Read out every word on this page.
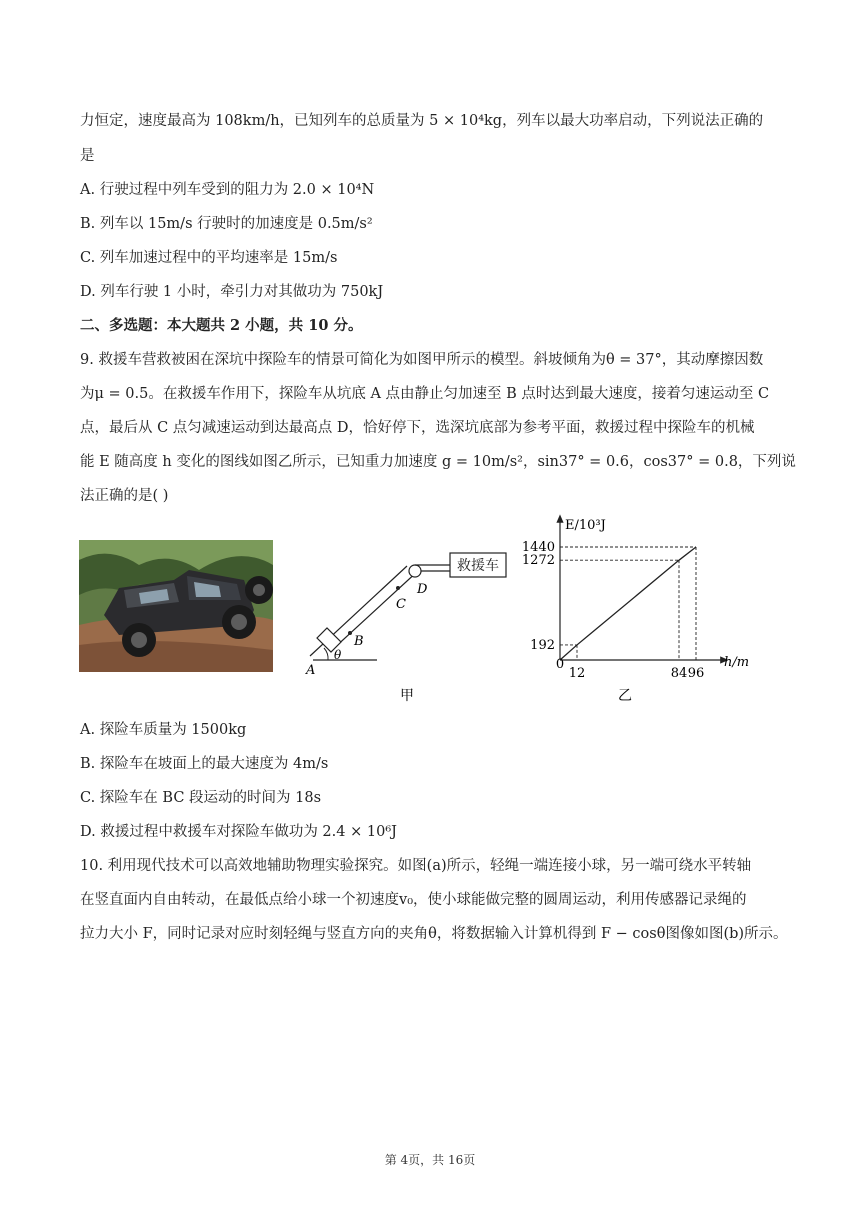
力恒定，速度最高为 108km/h，已知列车的总质量为 5 × 10⁴kg，列车以最大功率启动，下列说法正确的
是
A. 行驶过程中列车受到的阻力为 2.0 × 10⁴N
B. 列车以 15m/s 行驶时的加速度是 0.5m/s²
C. 列车加速过程中的平均速率是 15m/s
D. 列车行驶 1 小时，牵引力对其做功为 750kJ
二、多选题：本大题共 2 小题，共 10 分。
9. 救援车营救被困在深坑中探险车的情景可简化为如图甲所示的模型。斜坡倾角为θ = 37°，其动摩擦因数
为μ = 0.5。在救援车作用下，探险车从坑底 A 点由静止匀加速至 B 点时达到最大速度，接着匀速运动至 C
点，最后从 C 点匀减速运动到达最高点 D，恰好停下，选深坑底部为参考平面，救援过程中探险车的机械
能 E 随高度 h 变化的图线如图乙所示，已知重力加速度 g = 10m/s²，sin37° = 0.6，cos37° = 0.8，下列说
法正确的是( )
救援车
A
B
C
D
θ
甲
12
192
84
1272
96
1440
E/10³J
h/m
0
乙
A. 探险车质量为 1500kg
B. 探险车在坡面上的最大速度为 4m/s
C. 探险车在 BC 段运动的时间为 18s
D. 救援过程中救援车对探险车做功为 2.4 × 10⁶J
10. 利用现代技术可以高效地辅助物理实验探究。如图(a)所示，轻绳一端连接小球，另一端可绕水平转轴
在竖直面内自由转动，在最低点给小球一个初速度v₀，使小球能做完整的圆周运动，利用传感器记录绳的
拉力大小 F，同时记录对应时刻轻绳与竖直方向的夹角θ，将数据输入计算机得到 F − cosθ图像如图(b)所示。
第 4页，共 16页
